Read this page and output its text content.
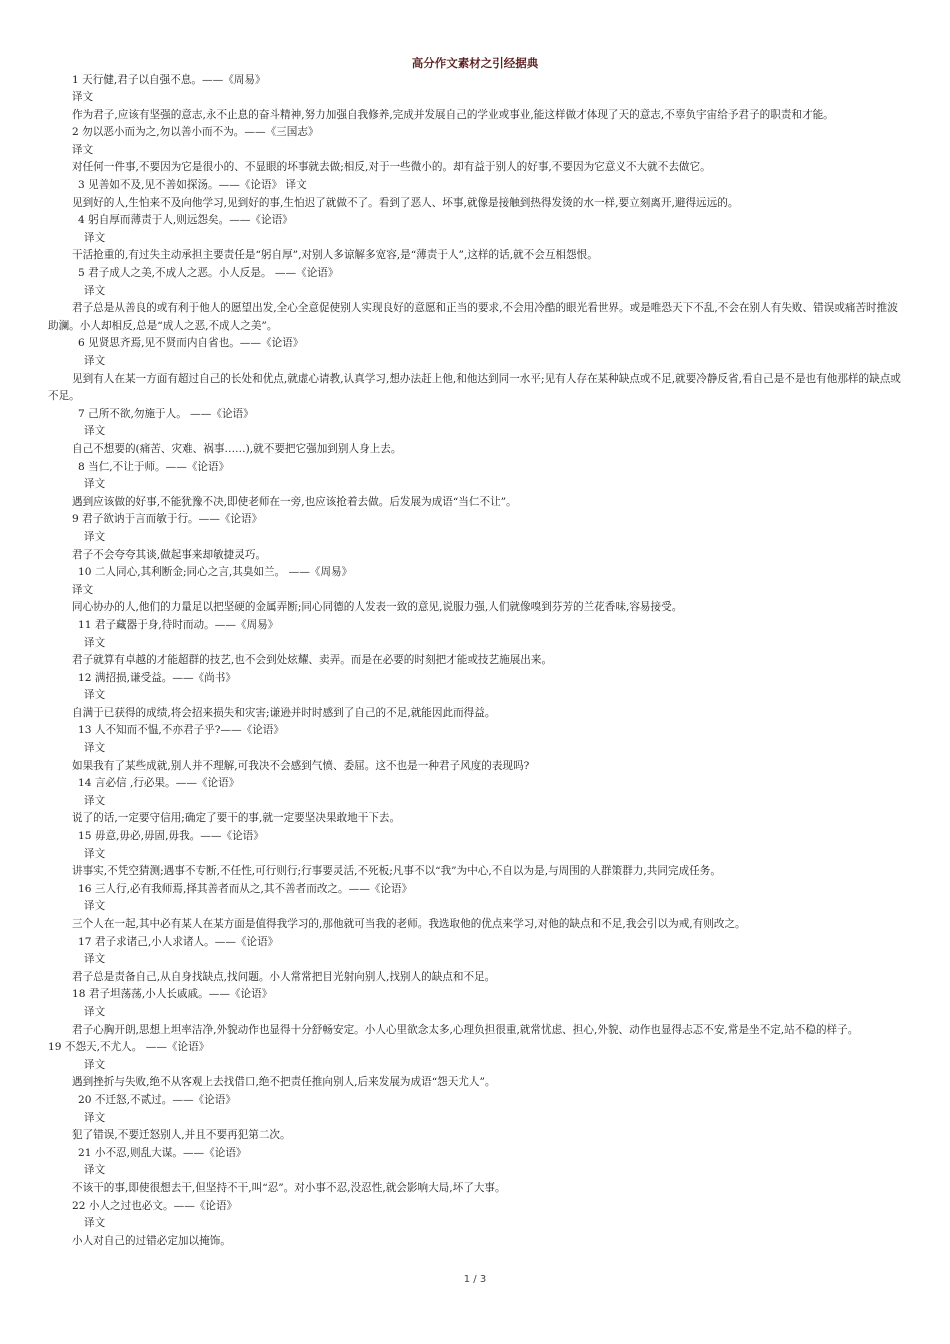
高分作文素材之引经据典
1 天行健,君子以自强不息。——《周易》
译文
作为君子,应该有坚强的意志,永不止息的奋斗精神,努力加强自我修养,完成并发展自己的学业或事业,能这样做才体现了天的意志,不辜负宇宙给予君子的职责和才能。
2 勿以恶小而为之,勿以善小而不为。——《三国志》
译文
对任何一件事,不要因为它是很小的、不显眼的坏事就去做;相反,对于一些微小的。却有益于别人的好事,不要因为它意义不大就不去做它。
3 见善如不及,见不善如探汤。——《论语》 译文
见到好的人,生怕来不及向他学习,见到好的事,生怕迟了就做不了。看到了恶人、坏事,就像是接触到热得发烫的水一样,要立刻离开,避得远远的。
4 躬自厚而薄责于人,则远怨矣。——《论语》
译文
干活抢重的,有过失主动承担主要责任是“躬自厚”,对别人多谅解多宽容,是“薄责于人”,这样的话,就不会互相怨恨。
5 君子成人之美,不成人之恶。小人反是。 ——《论语》
译文
君子总是从善良的或有利于他人的愿望出发,全心全意促使别人实现良好的意愿和正当的要求,不会用冷酷的眼光看世界。或是唯恐天下不乱,不会在别人有失败、错误或痛苦时推波助澜。小人却相反,总是“成人之恶,不成人之美”。
6 见贤思齐焉,见不贤而内自省也。——《论语》
译文
见到有人在某一方面有超过自己的长处和优点,就虚心请教,认真学习,想办法赶上他,和他达到同一水平;见有人存在某种缺点或不足,就要冷静反省,看自己是不是也有他那样的缺点或不足。
7 己所不欲,勿施于人。 ——《论语》
译文
自己不想要的(痛苦、灾难、祸事……),就不要把它强加到别人身上去。
8 当仁,不让于师。——《论语》
译文
遇到应该做的好事,不能犹豫不决,即使老师在一旁,也应该抢着去做。后发展为成语“当仁不让”。
9 君子欲讷于言而敏于行。——《论语》
译文
君子不会夸夸其谈,做起事来却敏捷灵巧。
10 二人同心,其利断金;同心之言,其臭如兰。 ——《周易》
译文
同心协办的人,他们的力量足以把坚硬的金属弄断;同心同德的人发表一致的意见,说服力强,人们就像嗅到芬芳的兰花香味,容易接受。
11 君子藏器于身,待时而动。——《周易》
译文
君子就算有卓越的才能超群的技艺,也不会到处炫耀、卖弄。而是在必要的时刻把才能或技艺施展出来。
12 满招损,谦受益。——《尚书》
译文
自满于已获得的成绩,将会招来损失和灾害;谦逊并时时感到了自己的不足,就能因此而得益。
13 人不知而不愠,不亦君子乎?——《论语》
译文
如果我有了某些成就,别人并不理解,可我决不会感到气愤、委屈。这不也是一种君子风度的表现吗?
14 言必信 ,行必果。——《论语》
译文
说了的话,一定要守信用;确定了要干的事,就一定要坚决果敢地干下去。
15 毋意,毋必,毋固,毋我。——《论语》
译文
讲事实,不凭空猜测;遇事不专断,不任性,可行则行;行事要灵活,不死板;凡事不以“我”为中心,不自以为是,与周围的人群策群力,共同完成任务。
16 三人行,必有我师焉,择其善者而从之,其不善者而改之。——《论语》
译文
三个人在一起,其中必有某人在某方面是值得我学习的,那他就可当我的老师。我选取他的优点来学习,对他的缺点和不足,我会引以为戒,有则改之。
17 君子求诸己,小人求诸人。——《论语》
译文
君子总是责备自己,从自身找缺点,找问题。小人常常把目光射向别人,找别人的缺点和不足。
18 君子坦荡荡,小人长戚戚。——《论语》
译文
君子心胸开朗,思想上坦率洁净,外貌动作也显得十分舒畅安定。小人心里欲念太多,心理负担很重,就常忧虑、担心,外貌、动作也显得忐忑不安,常是坐不定,站不稳的样子。19 不怨天,不尤人。 ——《论语》
译文
遇到挫折与失败,绝不从客观上去找借口,绝不把责任推向别人,后来发展为成语“怨天尤人”。
20 不迁怒,不贰过。——《论语》
译文
犯了错误,不要迁怒别人,并且不要再犯第二次。
21 小不忍,则乱大谋。——《论语》
译文
不该干的事,即使很想去干,但坚持不干,叫“忍”。对小事不忍,没忍性,就会影响大局,坏了大事。
22 小人之过也必文。——《论语》
译文
小人对自己的过错必定加以掩饰。
1 / 3
